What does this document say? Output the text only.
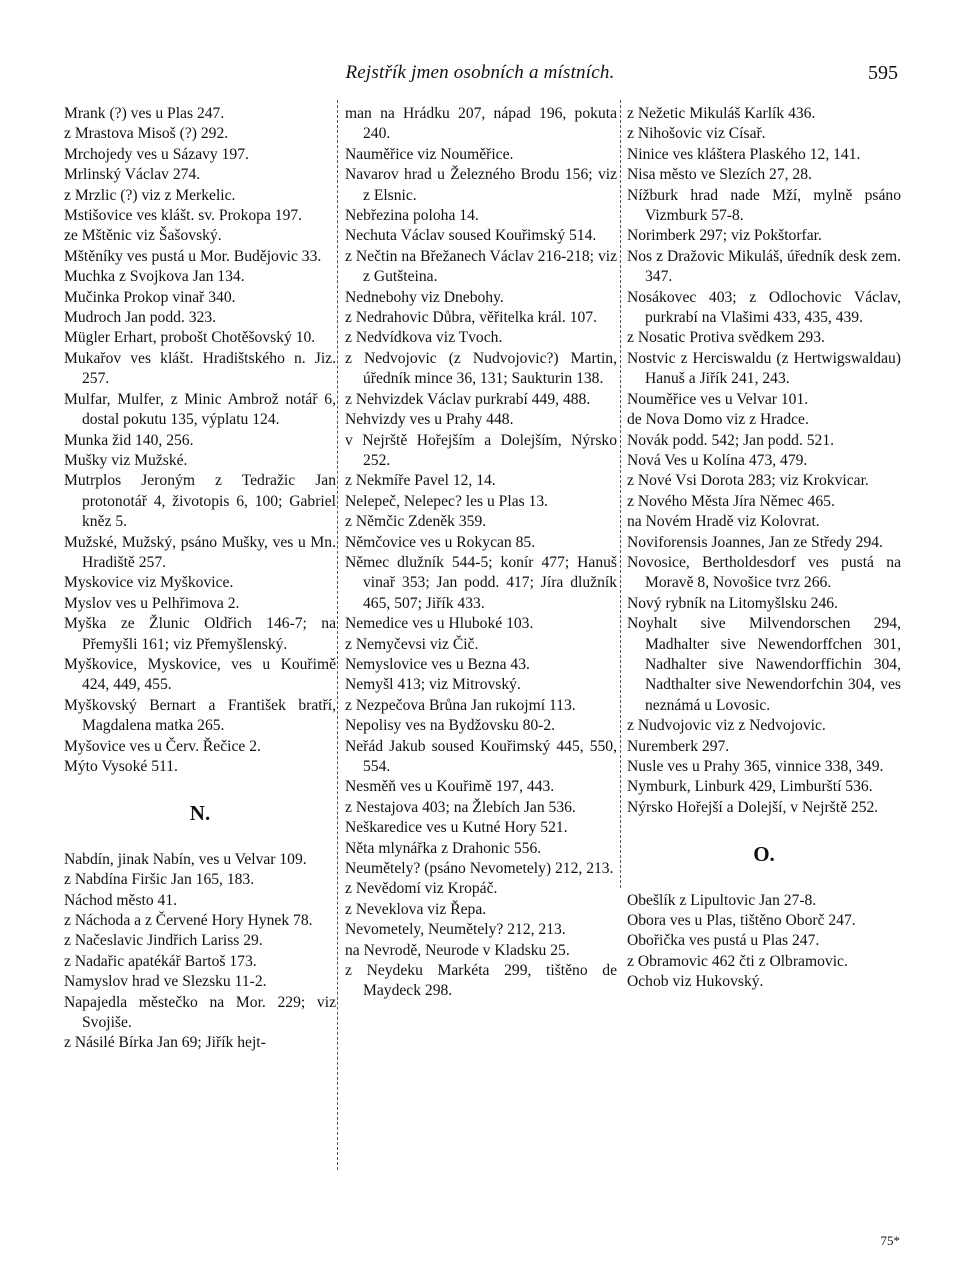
Rejstřík jmen osobních a místních.	595

Mrank (?) ves u Plas 247.

z Mrastova Misoš (?) 292.

Mrchojedy ves u Sázavy 197.

Mrlinský Václav 274.

z Mrzlic (?) viz z Merkelic.

Mstišovice ves klášt. sv. Prokopa 197.

ze Mštěnic viz Šašovský.

Mštěníky ves pustá u Mor. Budějovic 33.

Muchka z Svojkova Jan 134.

Mučinka Prokop vinař 340.

Mudroch Jan podd. 323.

Mügler Erhart, probošt Chotěšovský 10.

Mukařov ves klášt. Hradištského n. Jiz. 257.

Mulfar, Mulfer, z Minic Ambrož notář 6, dostal pokutu 135, výplatu 124.

Munka žid 140, 256.

Mušky viz Mužské.

Mutrplos Jeroným z Tedražic Jan protonotář 4, životopis 6, 100; Gabriel kněz 5.

Mužské, Mužský, psáno Mušky, ves u Mn. Hradiště 257.

Myskovice viz Myškovice.

Myslov ves u Pelhřimova 2.

Myška ze Žlunic Oldřich 146-7; na Přemyšli 161; viz Přemyšlenský.

Myškovice, Myskovice, ves u Kouřimě 424, 449, 455.

Myškovský Bernart a František bratří, Magdalena matka 265.

Myšovice ves u Červ. Řečice 2.

Mýto Vysoké 511.

N.

Nabdín, jinak Nabín, ves u Velvar 109.

z Nabdína Firšic Jan 165, 183.

Náchod město 41.

z Náchoda a z Červené Hory Hynek 78.

z Načeslavic Jindřich Lariss 29.

z Nadařic apatékář Bartoš 173.

Namyslov hrad ve Slezsku 11-2.

Napajedla městečko na Mor. 229; viz Svojiše.

z Násilé Bírka Jan 69; Jiřík hejt-

man na Hrádku 207, nápad 196, pokuta 240.

Nauměřice viz Nouměřice.

Navarov hrad u Železného Brodu 156; viz z Elsnic.

Nebřezina poloha 14.

Nechuta Václav soused Kouřimský 514.

z Nečtin na Břežanech Václav 216-218; viz z Gutšteina.

Nednebohy viz Dnebohy.

z Nedrahovic Důbra, věřitelka král. 107.

z Nedvídkova viz Tvoch.

z Nedvojovic (z Nudvojovic?) Martin, úředník mince 36, 131; Saukturin 138.

z Nehvizdek Václav purkrabí 449, 488.

Nehvizdy ves u Prahy 448.

v Nejrště Hořejším a Dolejším, Nýrsko 252.

z Nekmíře Pavel 12, 14.

Nelepeč, Nelepec? les u Plas 13.

z Němčic Zdeněk 359.

Němčovice ves u Rokycan 85.

Němec dlužník 544-5; konír 477; Hanuš vinař 353; Jan podd. 417; Jíra dlužník 465, 507; Jiřík 433.

Nemedice ves u Hluboké 103.

z Nemyčevsi viz Čič.

Nemyslovice ves u Bezna 43.

Nemyšl 413; viz Mitrovský.

z Nezpečova Brůna Jan rukojmí 113.

Nepolisy ves na Bydžovsku 80-2.

Neřád Jakub soused Kouřimský 445, 550, 554.

Nesměň ves u Kouřimě 197, 443.

z Nestajova 403; na Žlebích Jan 536.

Neškaredice ves u Kutné Hory 521.

Něta mlynářka z Drahonic 556.

Neumětely? (psáno Nevometely) 212, 213.

z Nevědomí viz Kropáč.

z Neveklova viz Řepa.

Nevometely, Neumětely? 212, 213.

na Nevrodě, Neurode v Kladsku 25.

z Neydeku Markéta 299, tištěno de Maydeck 298.

z Nežetic Mikuláš Karlík 436.

z Nihošovic viz Císař.

Ninice ves kláštera Plaského 12, 141.

Nisa město ve Slezích 27, 28.

Nížburk hrad nade Mží, mylně psáno Vizmburk 57-8.

Norimberk 297; viz Pokštorfar.

Nos z Dražovic Mikuláš, úředník desk zem. 347.

Nosákovec 403; z Odlochovic Václav, purkrabí na Vlašimi 433, 435, 439.

z Nosatic Protiva svědkem 293.

Nostvic z Herciswaldu (z Hertwigswaldau) Hanuš a Jiřík 241, 243.

Nouměřice ves u Velvar 101.

de Nova Domo viz z Hradce.

Novák podd. 542; Jan podd. 521.

Nová Ves u Kolína 473, 479.

z Nové Vsi Dorota 283; viz Krokvicar.

z Nového Města Jíra Němec 465.

na Novém Hradě viz Kolovrat.

Noviforensis Joannes, Jan ze Středy 294.

Novosice, Bertholdesdorf ves pustá na Moravě 8, Novošice tvrz 266.

Nový rybník na Litomyšlsku 246.

Noyhalt sive Milvendorschen 294, Madhalter sive Newendorffchen 301, Nadhalter sive Nawendorffichin 304, Nadthalter sive Newendorfchin 304, ves neznámá u Lovosic.

z Nudvojovic viz z Nedvojovic.

Nuremberk 297.

Nusle ves u Prahy 365, vinnice 338, 349.

Nymburk, Linburk 429, Limburští 536.

Nýrsko Hořejší a Dolejší, v Nejrště 252.

O.

Obešlík z Lipultovic Jan 27-8.

Obora ves u Plas, tištěno Oborč 247.

Obořička ves pustá u Plas 247.

z Obramovic 462 čti z Olbramovic.

Ochob viz Hukovský.

75*
